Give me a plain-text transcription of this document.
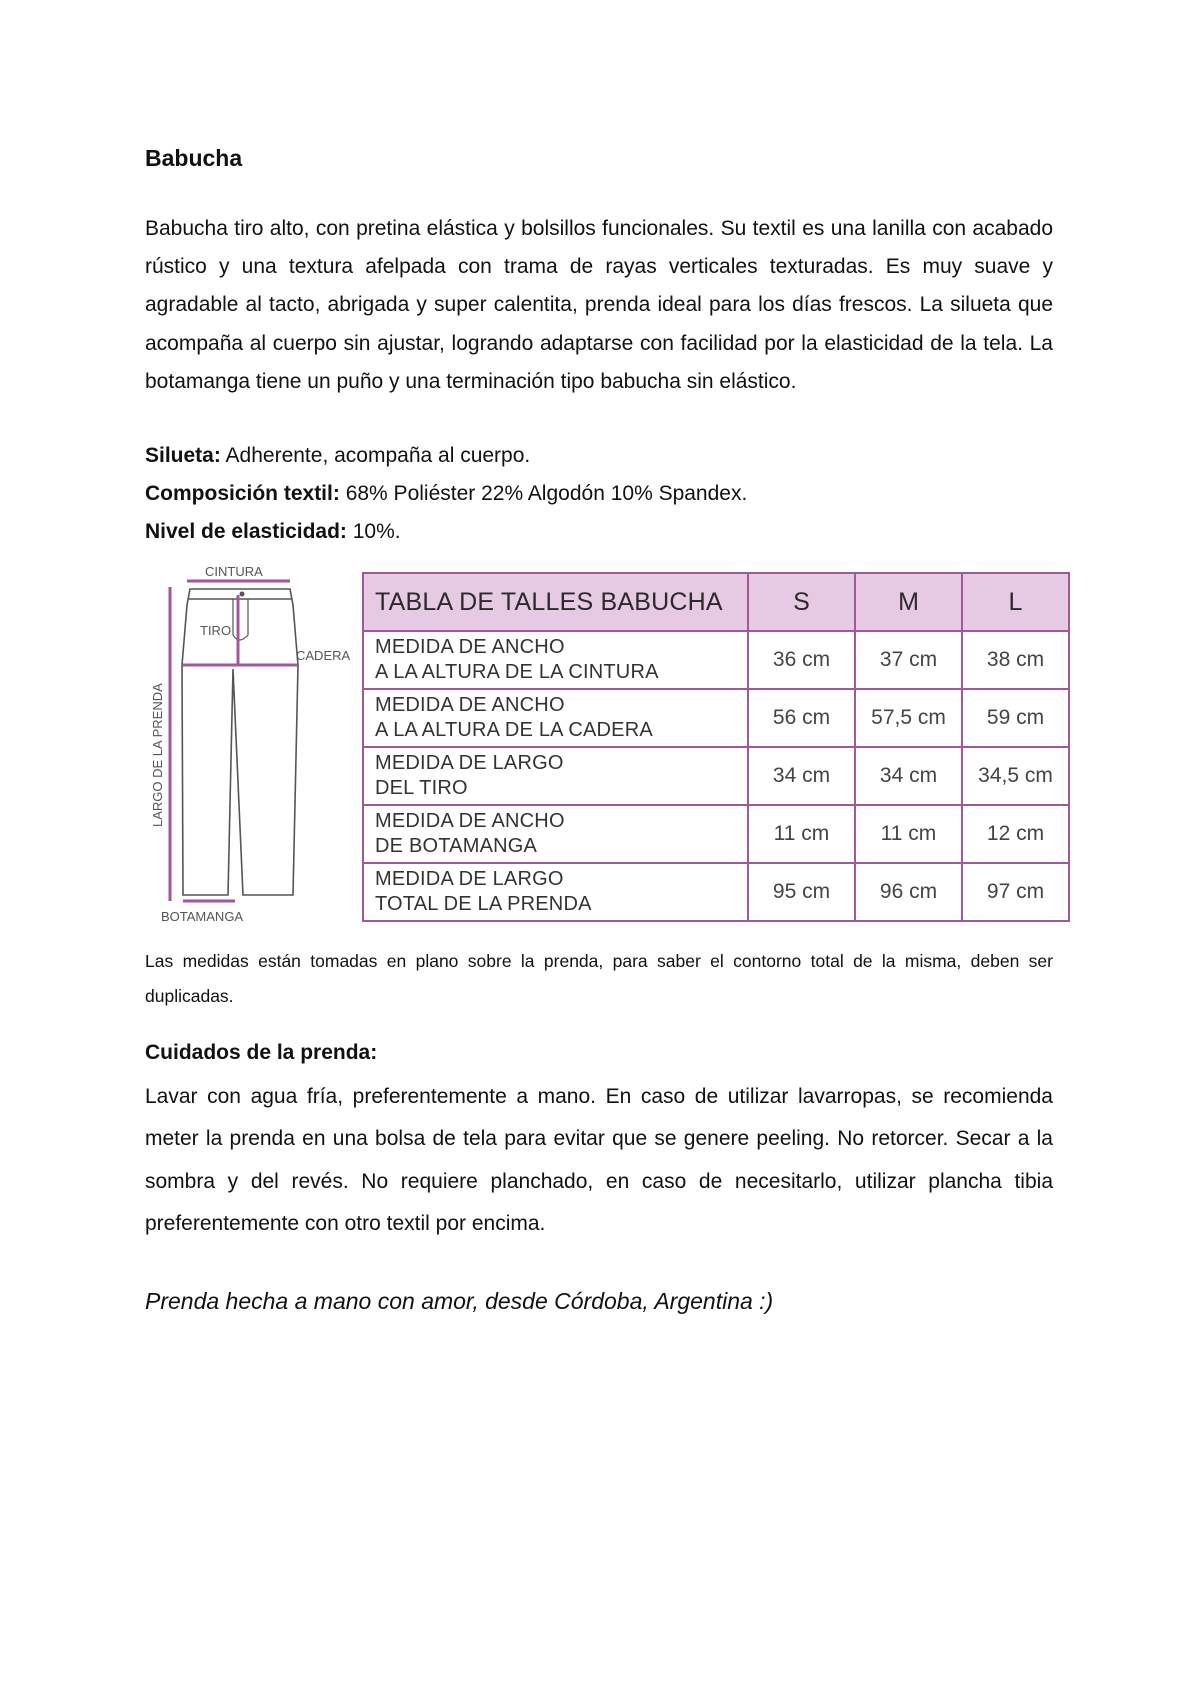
Babucha

Babucha tiro alto, con pretina elástica y bolsillos funcionales. Su textil es una lanilla con acabado rústico y una textura afelpada con trama de rayas verticales texturadas. Es muy suave y agradable al tacto, abrigada y super calentita, prenda ideal para los días frescos. La silueta que acompaña al cuerpo sin ajustar, logrando adaptarse con facilidad por la elasticidad de la tela. La botamanga tiene un puño y una terminación tipo babucha sin elástico.

Silueta: Adherente, acompaña al cuerpo.

Composición textil: 68% Poliéster 22% Algodón 10% Spandex.

Nivel de elasticidad: 10%.

CINTURA
TIRO
CADERA
LARGO DE LA PRENDA
BOTAMANGA
TABLA DE TALLES BABUCHA	S	M	L

MEDIDA DE ANCHO
A LA ALTURA DE LA CINTURA	36 cm	37 cm	38 cm

MEDIDA DE ANCHO
A LA ALTURA DE LA CADERA	56 cm	57,5 cm	59 cm

MEDIDA DE LARGO
DEL TIRO	34 cm	34 cm	34,5 cm

MEDIDA DE ANCHO
DE BOTAMANGA	11 cm	11 cm	12 cm

MEDIDA DE LARGO
TOTAL DE LA PRENDA	95 cm	96 cm	97 cm

Las medidas están tomadas en plano sobre la prenda, para saber el contorno total de la misma, deben ser duplicadas.

Cuidados de la prenda:

Lavar con agua fría, preferentemente a mano. En caso de utilizar lavarropas, se recomienda meter la prenda en una bolsa de tela para evitar que se genere peeling. No retorcer. Secar a la sombra y del revés. No requiere planchado, en caso de necesitarlo, utilizar plancha tibia preferentemente con otro textil por encima.

Prenda hecha a mano con amor, desde Córdoba, Argentina :)
